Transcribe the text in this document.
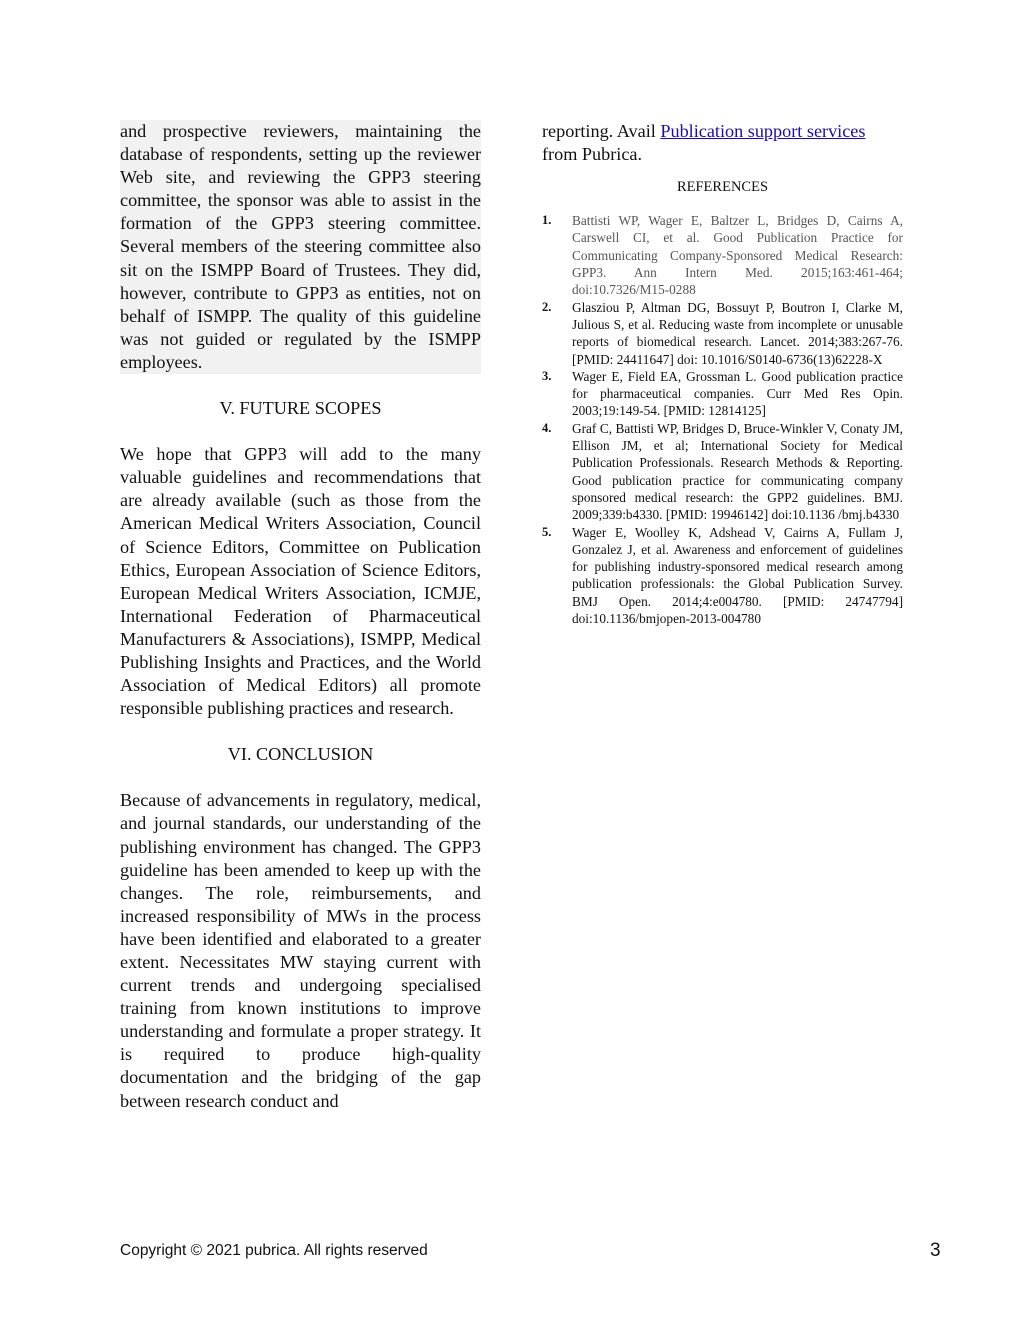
and prospective reviewers, maintaining the database of respondents, setting up the reviewer Web site, and reviewing the GPP3 steering committee, the sponsor was able to assist in the formation of the GPP3 steering committee. Several members of the steering committee also sit on the ISMPP Board of Trustees. They did, however, contribute to GPP3 as entities, not on behalf of ISMPP. The quality of this guideline was not guided or regulated by the ISMPP employees.

V. FUTURE SCOPES

We hope that GPP3 will add to the many valuable guidelines and recommendations that are already available (such as those from the American Medical Writers Association, Council of Science Editors, Committee on Publication Ethics, European Association of Science Editors, European Medical Writers Association, ICMJE, International Federation of Pharmaceutical Manufacturers & Associations), ISMPP, Medical Publishing Insights and Practices, and the World Association of Medical Editors) all promote responsible publishing practices and research.

VI. CONCLUSION

Because of advancements in regulatory, medical, and journal standards, our understanding of the publishing environment has changed. The GPP3 guideline has been amended to keep up with the changes. The role, reimbursements, and increased responsibility of MWs in the process have been identified and elaborated to a greater extent. Necessitates MW staying current with current trends and undergoing specialised training from known institutions to improve understanding and formulate a proper strategy. It is required to produce high-quality documentation and the bridging of the gap between research conduct and

reporting. Avail Publication support services from Pubrica.

REFERENCES
1.	Battisti WP, Wager E, Baltzer L, Bridges D, Cairns A, Carswell CI, et al. Good Publication Practice for Communicating Company-Sponsored Medical Research: GPP3. Ann Intern Med. 2015;163:461-464; doi:10.7326/M15-0288
2.	Glasziou P, Altman DG, Bossuyt P, Boutron I, Clarke M, Julious S, et al. Reducing waste from incomplete or unusable reports of biomedical research. Lancet. 2014;383:267-76. [PMID: 24411647] doi: 10.1016/S0140-6736(13)62228-X
3.	Wager E, Field EA, Grossman L. Good publication practice for pharmaceutical companies. Curr Med Res Opin. 2003;19:149-54. [PMID: 12814125]
4.	Graf C, Battisti WP, Bridges D, Bruce-Winkler V, Conaty JM, Ellison JM, et al; International Society for Medical Publication Professionals. Research Methods & Reporting. Good publication practice for communicating company sponsored medical research: the GPP2 guidelines. BMJ. 2009;339:b4330. [PMID: 19946142] doi:10.1136 /bmj.b4330
5.	Wager E, Woolley K, Adshead V, Cairns A, Fullam J, Gonzalez J, et al. Awareness and enforcement of guidelines for publishing industry-sponsored medical research among publication professionals: the Global Publication Survey. BMJ Open. 2014;4:e004780. [PMID: 24747794] doi:10.1136/bmjopen-2013-004780
Copyright © 2021 pubrica. All rights reserved	3
